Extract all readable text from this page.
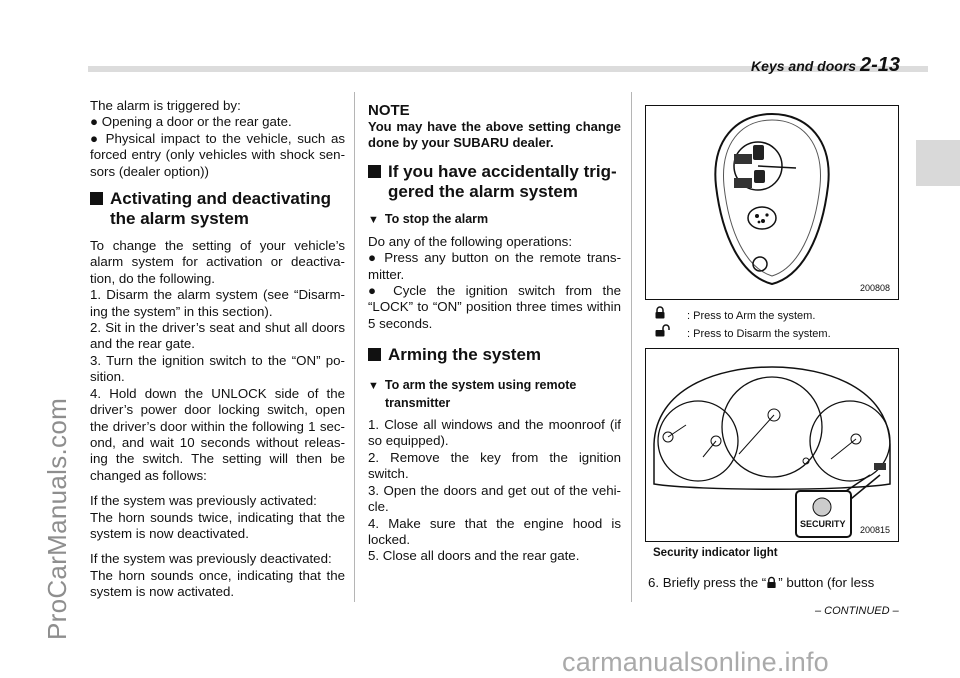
Keys and doors 2-13
ProCarManuals.com

The alarm is triggered by:

● Opening a door or the rear gate.

● Physical impact to the vehicle, such as forced entry (only vehicles with shock sen-sors (dealer option))

Activating and deactivating
the alarm system

To change the setting of your vehicle’s alarm system for activation or deactiva-tion, do the following.

1. Disarm the alarm system (see “Disarm-ing the system” in this section).

2. Sit in the driver’s seat and shut all doors and the rear gate.

3. Turn the ignition switch to the “ON” po-sition.

4. Hold down the UNLOCK side of the driver’s power door locking switch, open the driver’s door within the following 1 sec-ond, and wait 10 seconds without releas-ing the switch. The setting will then be changed as follows:

If the system was previously activated:

The horn sounds twice, indicating that the system is now deactivated.

If the system was previously deactivated:

The horn sounds once, indicating that the system is now activated.

NOTE

You may have the above setting change done by your SUBARU dealer.

If you have accidentally trig-
gered the alarm system

▼ To stop the alarm

Do any of the following operations:

● Press any button on the remote trans-mitter.

● Cycle the ignition switch from the “LOCK” to “ON” position three times within 5 seconds.

Arming the system

▼ To arm the system using remote
transmitter

1. Close all windows and the moonroof (if so equipped).

2. Remove the key from the ignition switch.

3. Open the doors and get out of the vehi-cle.

4. Make sure that the engine hood is locked.

5. Close all doors and the rear gate.

200808
: Press to Arm the system.
: Press to Disarm the system.
SECURITY
200815
Security indicator light
6. Briefly press the “ ” button (for less
– CONTINUED –
carmanualsonline.info
